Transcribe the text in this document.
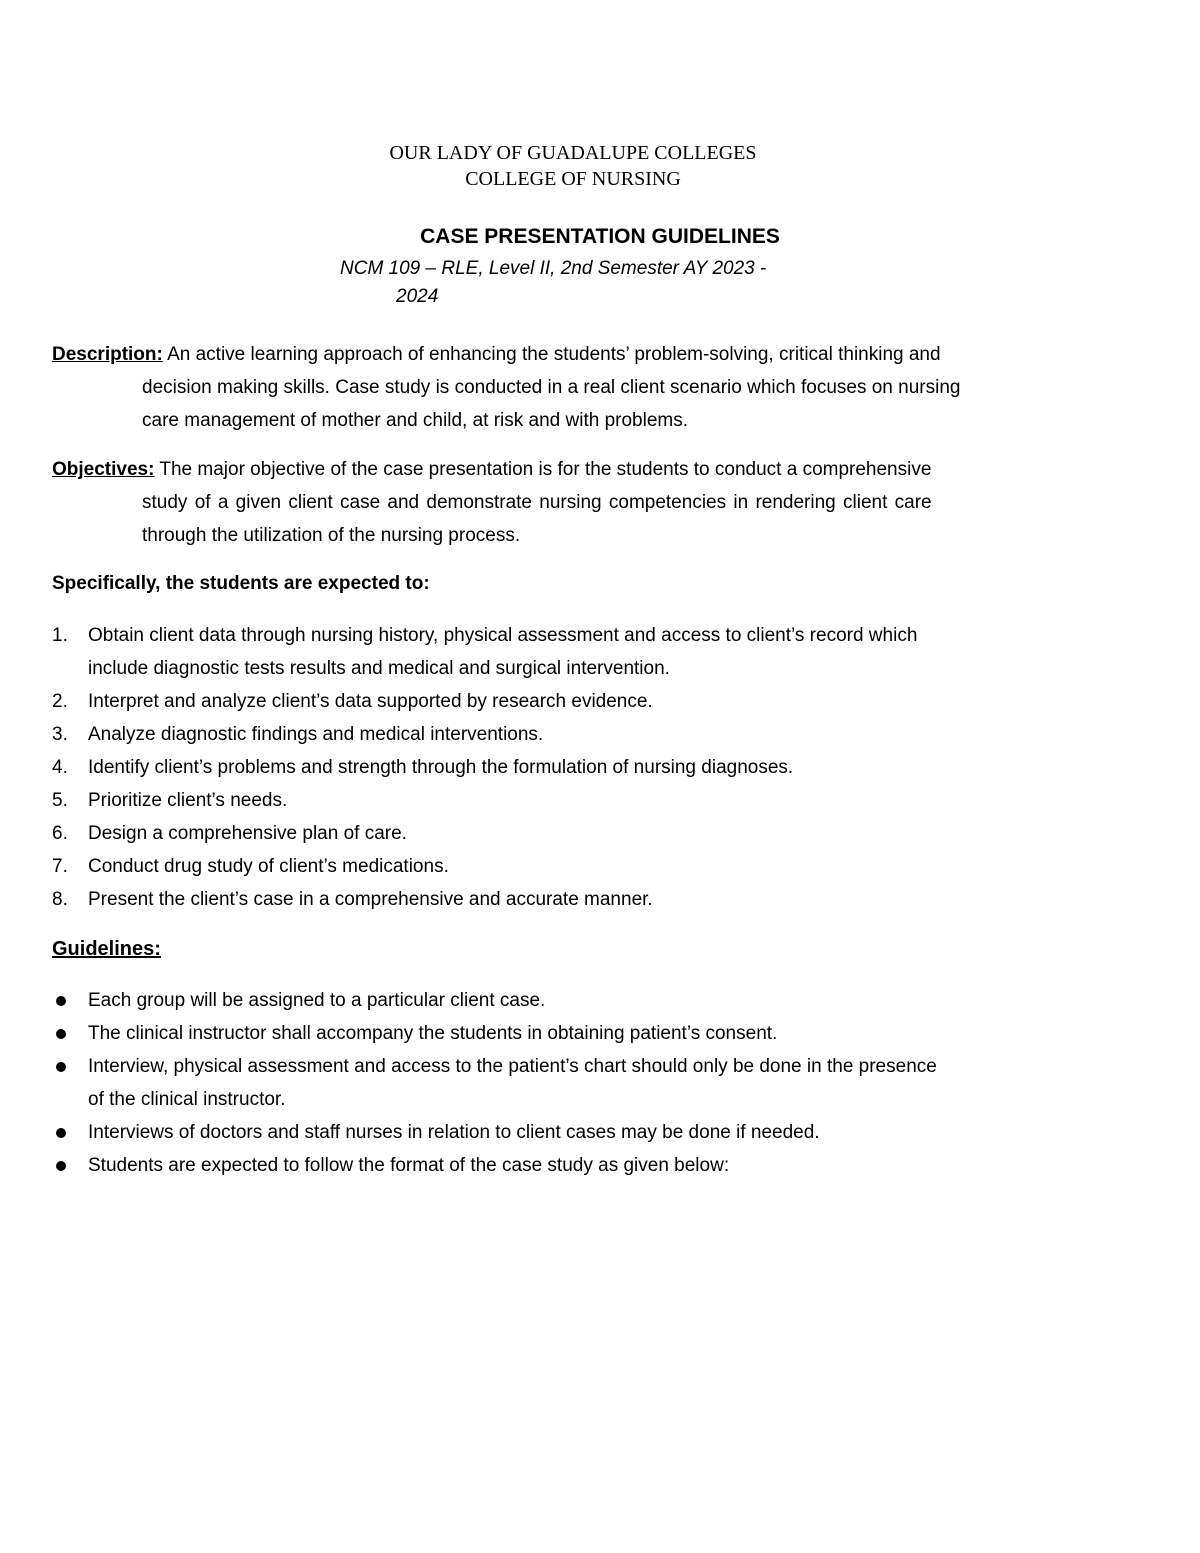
OUR LADY OF GUADALUPE COLLEGES
COLLEGE OF NURSING
CASE PRESENTATION GUIDELINES
NCM 109 – RLE, Level II, 2nd Semester AY 2023 -
2024
Description: An active learning approach of enhancing the students’ problem-solving, critical thinking and
decision making skills. Case study is conducted in a real client scenario which focuses on nursing
care management of mother and child, at risk and with problems.
Objectives: The major objective of the case presentation is for the students to conduct a comprehensive
study of a given client case and demonstrate nursing competencies in rendering client care
through the utilization of the nursing process.
Specifically, the students are expected to:
1.	Obtain client data through nursing history, physical assessment and access to client’s record which
include diagnostic tests results and medical and surgical intervention.
2.	Interpret and analyze client’s data supported by research evidence.
3.	Analyze diagnostic findings and medical interventions.
4.	Identify client’s problems and strength through the formulation of nursing diagnoses.
5.	Prioritize client’s needs.
6.	Design a comprehensive plan of care.
7.	Conduct drug study of client’s medications.
8.	Present the client’s case in a comprehensive and accurate manner.
Guidelines:
Each group will be assigned to a particular client case.
The clinical instructor shall accompany the students in obtaining patient’s consent.
Interview, physical assessment and access to the patient’s chart should only be done in the presence
of the clinical instructor.
Interviews of doctors and staff nurses in relation to client cases may be done if needed.
Students are expected to follow the format of the case study as given below:
